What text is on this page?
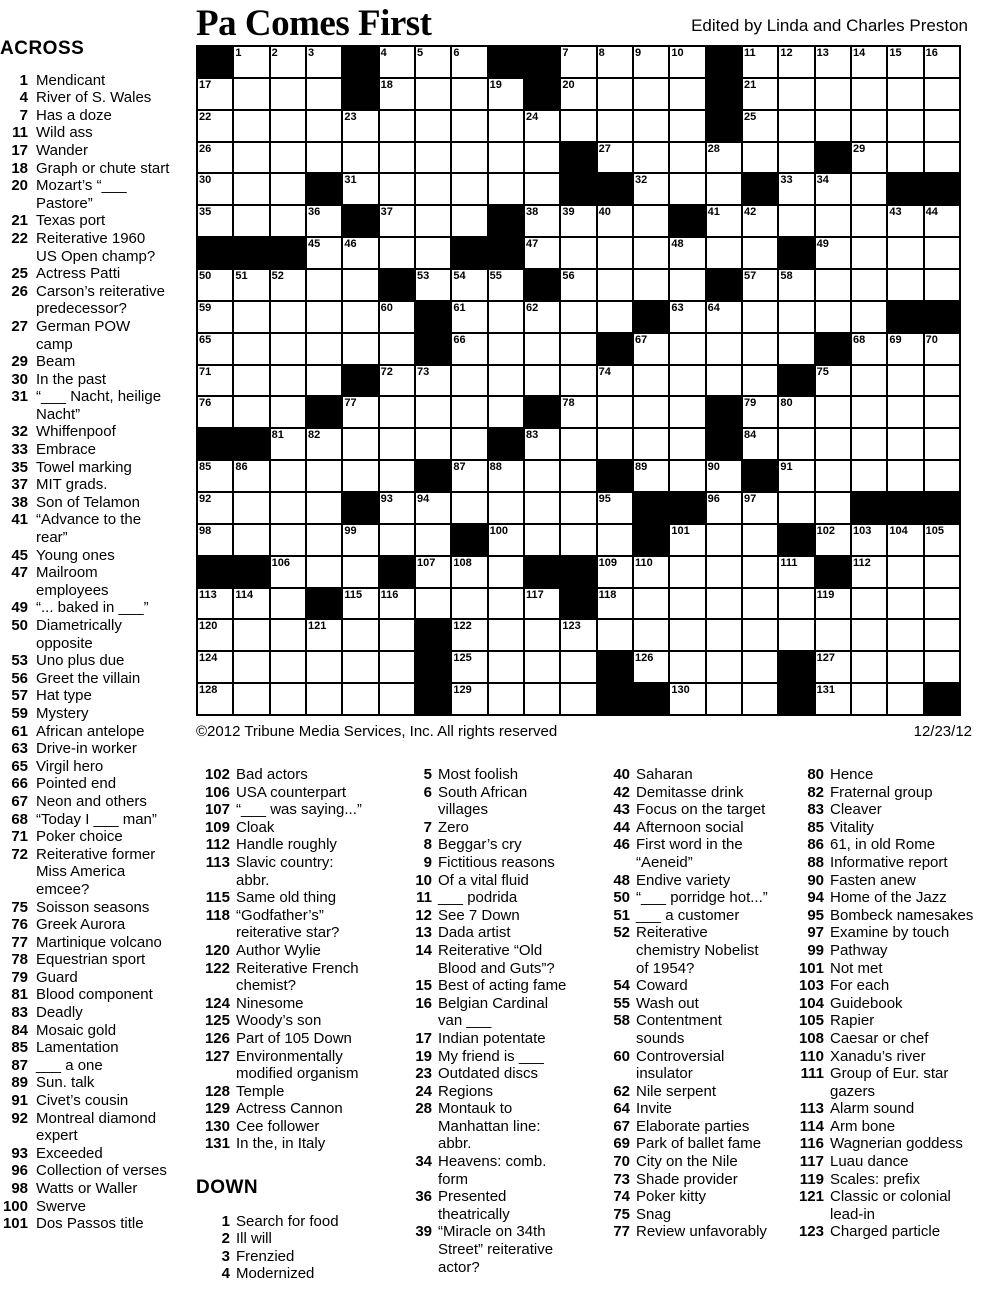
Pa Comes First	Edited by Linda and Charles Preston
1	2	3	4	5	6	7	8	9	10	11 12 13 14 15 16
17	18	19	20	21
22	23	24	25
26	27	28	29
30	31	32	33 34
35	36	37	38 39 40	41 42	43 44
45 46	47	48	49
50 51 52	53 54 55	56	57 58
59	60	61	62	63 64
65	66	67	68 69 70
71	72 73	74	75
76	77	78	79 80
81 82	83	84
85 86	87 88	89	90	91
92	93 94	95	96 97
98	99	100	101	102 103 104 105
106	107 108	109 110	111	112
113 114	115 116	117	118	119
120	121	122	123
124	125	126	127
128	129	130	131
©2012 Tribune Media Services, Inc. All rights reserved	12/23/12
ACROSS
1 Mendicant
4 River of S. Wales
7 Has a doze
11 Wild ass
17 Wander
18 Graph or chute start
20 Mozart’s “___ Pastore”
21 Texas port
22 Reiterative 1960 US Open champ?
25 Actress Patti
26 Carson’s reiterative predecessor?
27 German POW camp
29 Beam
30 In the past
31 “___ Nacht, heilige Nacht”
32 Whiffenpoof
33 Embrace
35 Towel marking
37 MIT grads.
38 Son of Telamon
41 “Advance to the rear”
45 Young ones
47 Mailroom employees
49 “... baked in ___”
50 Diametrically opposite
53 Uno plus due
56 Greet the villain
57 Hat type
59 Mystery
61 African antelope
63 Drive-in worker
65 Virgil hero
66 Pointed end
67 Neon and others
68 “Today I ___ man”
71 Poker choice
72 Reiterative former Miss America emcee?
75 Soisson seasons
76 Greek Aurora
77 Martinique volcano
78 Equestrian sport
79 Guard
81 Blood component
83 Deadly
84 Mosaic gold
85 Lamentation
87 ___ a one
89 Sun. talk
91 Civet’s cousin
92 Montreal diamond expert
93 Exceeded
96 Collection of verses
98 Watts or Waller
100 Swerve
101 Dos Passos title
102 Bad actors
106 USA counterpart
107 “___ was saying...”
109 Cloak
112 Handle roughly
113 Slavic country: abbr.
115 Same old thing
118 “Godfather’s” reiterative star?
120 Author Wylie
122 Reiterative French chemist?
124 Ninesome
125 Woody’s son
126 Part of 105 Down
127 Environmentally modified organism
128 Temple
129 Actress Cannon
130 Cee follower
131 In the, in Italy
DOWN
1 Search for food
2 Ill will
3 Frenzied
4 Modernized
5 Most foolish
6 South African villages
7 Zero
8 Beggar’s cry
9 Fictitious reasons
10 Of a vital fluid
11 ___ podrida
12 See 7 Down
13 Dada artist
14 Reiterative “Old Blood and Guts”?
15 Best of acting fame
16 Belgian Cardinal van ___
17 Indian potentate
19 My friend is ___
23 Outdated discs
24 Regions
28 Montauk to Manhattan line: abbr.
34 Heavens: comb. form
36 Presented theatrically
39 “Miracle on 34th Street” reiterative actor?
40 Saharan
42 Demitasse drink
43 Focus on the target
44 Afternoon social
46 First word in the “Aeneid”
48 Endive variety
50 “___ porridge hot...”
51 ___ a customer
52 Reiterative chemistry Nobelist of 1954?
54 Coward
55 Wash out
58 Contentment sounds
60 Controversial insulator
62 Nile serpent
64 Invite
67 Elaborate parties
69 Park of ballet fame
70 City on the Nile
73 Shade provider
74 Poker kitty
75 Snag
77 Review unfavorably
80 Hence
82 Fraternal group
83 Cleaver
85 Vitality
86 61, in old Rome
88 Informative report
90 Fasten anew
94 Home of the Jazz
95 Bombeck namesakes
97 Examine by touch
99 Pathway
101 Not met
103 For each
104 Guidebook
105 Rapier
108 Caesar or chef
110 Xanadu’s river
111 Group of Eur. star gazers
113 Alarm sound
114 Arm bone
116 Wagnerian goddess
117 Luau dance
119 Scales: prefix
121 Classic or colonial lead-in
123 Charged particle
